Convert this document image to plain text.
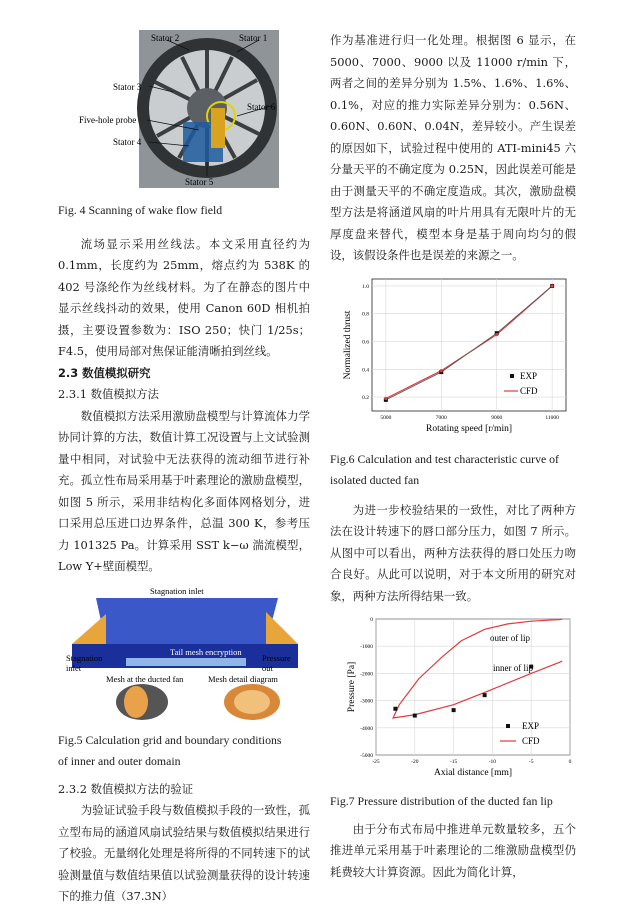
Stator 2	Stator 1
Stator 3
Stator 6
Five-hole probe
Stator 4
Stator 5

Fig. 4 Scanning of wake flow field

流场显示采用丝线法。本文采用直径约为0.1mm，长度约为 25mm，熔点约为 538K 的 402 号涤纶作为丝线材料。为了在静态的图片中显示丝线抖动的效果，使用 Canon 60D 相机拍摄，主要设置参数为：ISO 250；快门 1/25s；F4.5，使用局部对焦保证能清晰拍到丝线。

2.3 数值模拟研究

2.3.1 数值模拟方法

数值模拟方法采用激励盘模型与计算流体力学协同计算的方法，数值计算工况设置与上文试验测量中相同，对试验中无法获得的流动细节进行补充。孤立性布局采用基于叶素理论的激励盘模型，如图 5 所示，采用非结构化多面体网格划分，进口采用总压进口边界条件，总温 300 K，参考压力 101325 Pa。计算采用 SST k−ω 湍流模型，Low Y+壁面模型。

Stagnation inlet
Stagnation inlet
Tail mesh encryption
Pressure out
Mesh at the ducted fan	Mesh detail diagram

Fig.5 Calculation grid and boundary conditions

of inner and outer domain

2.3.2 数值模拟方法的验证

为验证试验手段与数值模拟手段的一致性，孤立型布局的涵道风扇试验结果与数值模拟结果进行了校验。无量纲化处理是将所得的不同转速下的试验测量值与数值结果值以试验测量获得的设计转速下的推力值（37.3N）

作为基准进行归一化处理。根据图 6 显示，在 5000、7000、9000 以及 11000 r/min 下，两者之间的差异分别为 1.5%、1.6%、1.6%、0.1%，对应的推力实际差异分别为：0.56N、0.60N、0.60N、0.04N，差异较小。产生误差的原因如下，试验过程中使用的 ATI-mini45 六分量天平的不确定度为 0.25N，因此误差可能是由于测量天平的不确定度造成。其次，激励盘模型方法是将涵道风扇的叶片用具有无限叶片的无厚度盘来替代，模型本身是基于周向均匀的假设，该假设条件也是误差的来源之一。

0.2
0.4
0.6
0.8
1.0
5000	7000	9000	11000
Rotating speed [r/min]
Normalized thrust	EXP
CFD

Fig.6 Calculation and test characteristic curve of

isolated ducted fan

为进一步校验结果的一致性，对比了两种方法在设计转速下的唇口部分压力，如图 7 所示。从图中可以看出，两种方法获得的唇口处压力吻合良好。从此可以说明，对于本文所用的研究对象，两种方法所得结果一致。

0
-1000
-2000
-3000
-4000
-5000
-25	-20	-15	-10	-5	0
Axial distance [mm]
Pressure [Pa]
outer of lip
inner of lip
EXP
CFD

Fig.7 Pressure distribution of the ducted fan lip

由于分布式布局中推进单元数量较多，五个推进单元采用基于叶素理论的二维激励盘模型仍耗费较大计算资源。因此为简化计算，
